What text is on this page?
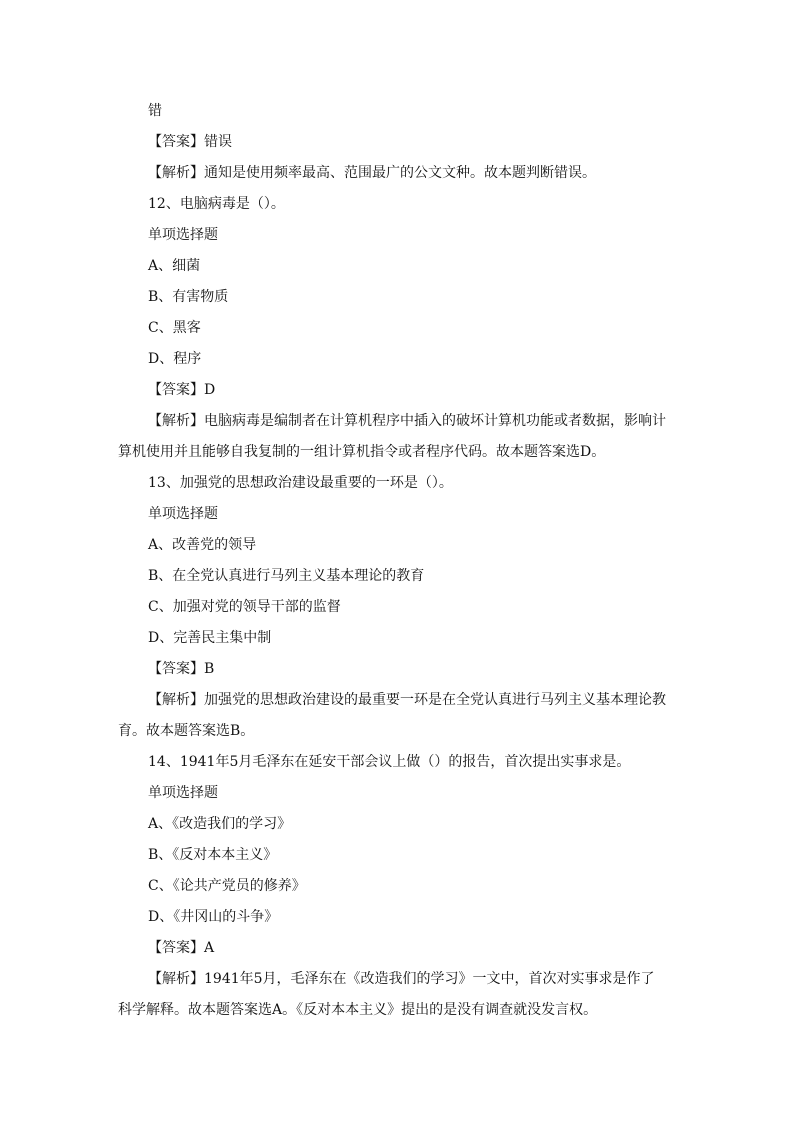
错
【答案】错误
【解析】通知是使用频率最高、范围最广的公文文种。故本题判断错误。
12、电脑病毒是（）。
单项选择题
A、细菌
B、有害物质
C、黑客
D、程序
【答案】D
【解析】电脑病毒是编制者在计算机程序中插入的破坏计算机功能或者数据，影响计
算机使用并且能够自我复制的一组计算机指令或者程序代码。故本题答案选D。
13、加强党的思想政治建设最重要的一环是（）。
单项选择题
A、改善党的领导
B、在全党认真进行马列主义基本理论的教育
C、加强对党的领导干部的监督
D、完善民主集中制
【答案】B
【解析】加强党的思想政治建设的最重要一环是在全党认真进行马列主义基本理论教
育。故本题答案选B。
14、1941年5月毛泽东在延安干部会议上做（）的报告，首次提出实事求是。
单项选择题
A、《改造我们的学习》
B、《反对本本主义》
C、《论共产党员的修养》
D、《井冈山的斗争》
【答案】A
【解析】1941年5月，毛泽东在《改造我们的学习》一文中，首次对实事求是作了
科学解释。故本题答案选A。《反对本本主义》提出的是没有调查就没发言权。
